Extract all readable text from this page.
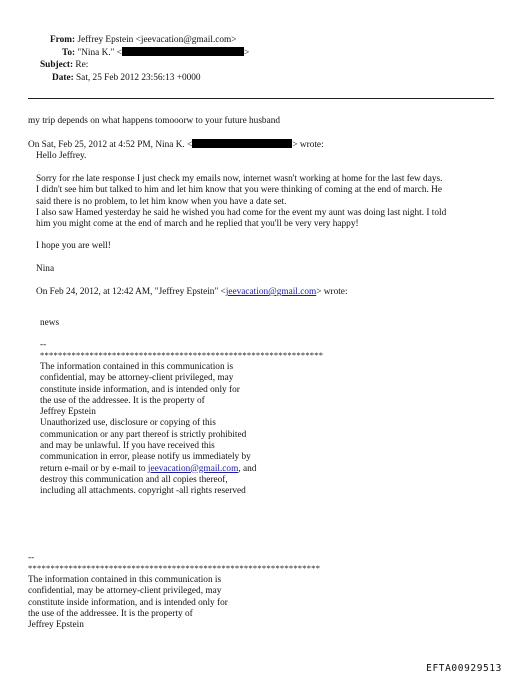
From: Jeffrey Epstein <jeevacation@gmail.com>
To: "Nina K." <	>
Subject: Re:
Date: Sat, 25 Feb 2012 23:56:13 +0000
my trip depends on what happens tomooorw to your future husband
On Sat, Feb 25, 2012 at 4:52 PM, Nina K. <	> wrote:
Hello Jeffrey.
Sorry for rhe late response I just check my emails now, internet wasn't working at home for the last few days.
I didn't see him but talked to him and let him know that you were thinking of coming at the end of march. He
said there is no problem, to let him know when you have a date set.
I also saw Hamed yesterday he said he wished you had come for the event my aunt was doing last night. I told
him you might come at the end of march and he replied that you'll be very very happy!
I hope you are well!
Nina
On Feb 24, 2012, at 12:42 AM, "Jeffrey Epstein" <jeevacation@gmail.com> wrote:
news
--
***************************************************************
The information contained in this communication is
confidential, may be attorney-client privileged, may
constitute inside information, and is intended only for
the use of the addressee. It is the property of
Jeffrey Epstein
Unauthorized use, disclosure or copying of this
communication or any part thereof is strictly prohibited
and may be unlawful. If you have received this
communication in error, please notify us immediately by
return e-mail or by e-mail to jeevacation@gmail.com, and
destroy this communication and all copies thereof,
including all attachments. copyright -all rights reserved
--
*****************************************************************
The information contained in this communication is
confidential, may be attorney-client privileged, may
constitute inside information, and is intended only for
the use of the addressee. It is the property of
Jeffrey Epstein
EFTA00929513
